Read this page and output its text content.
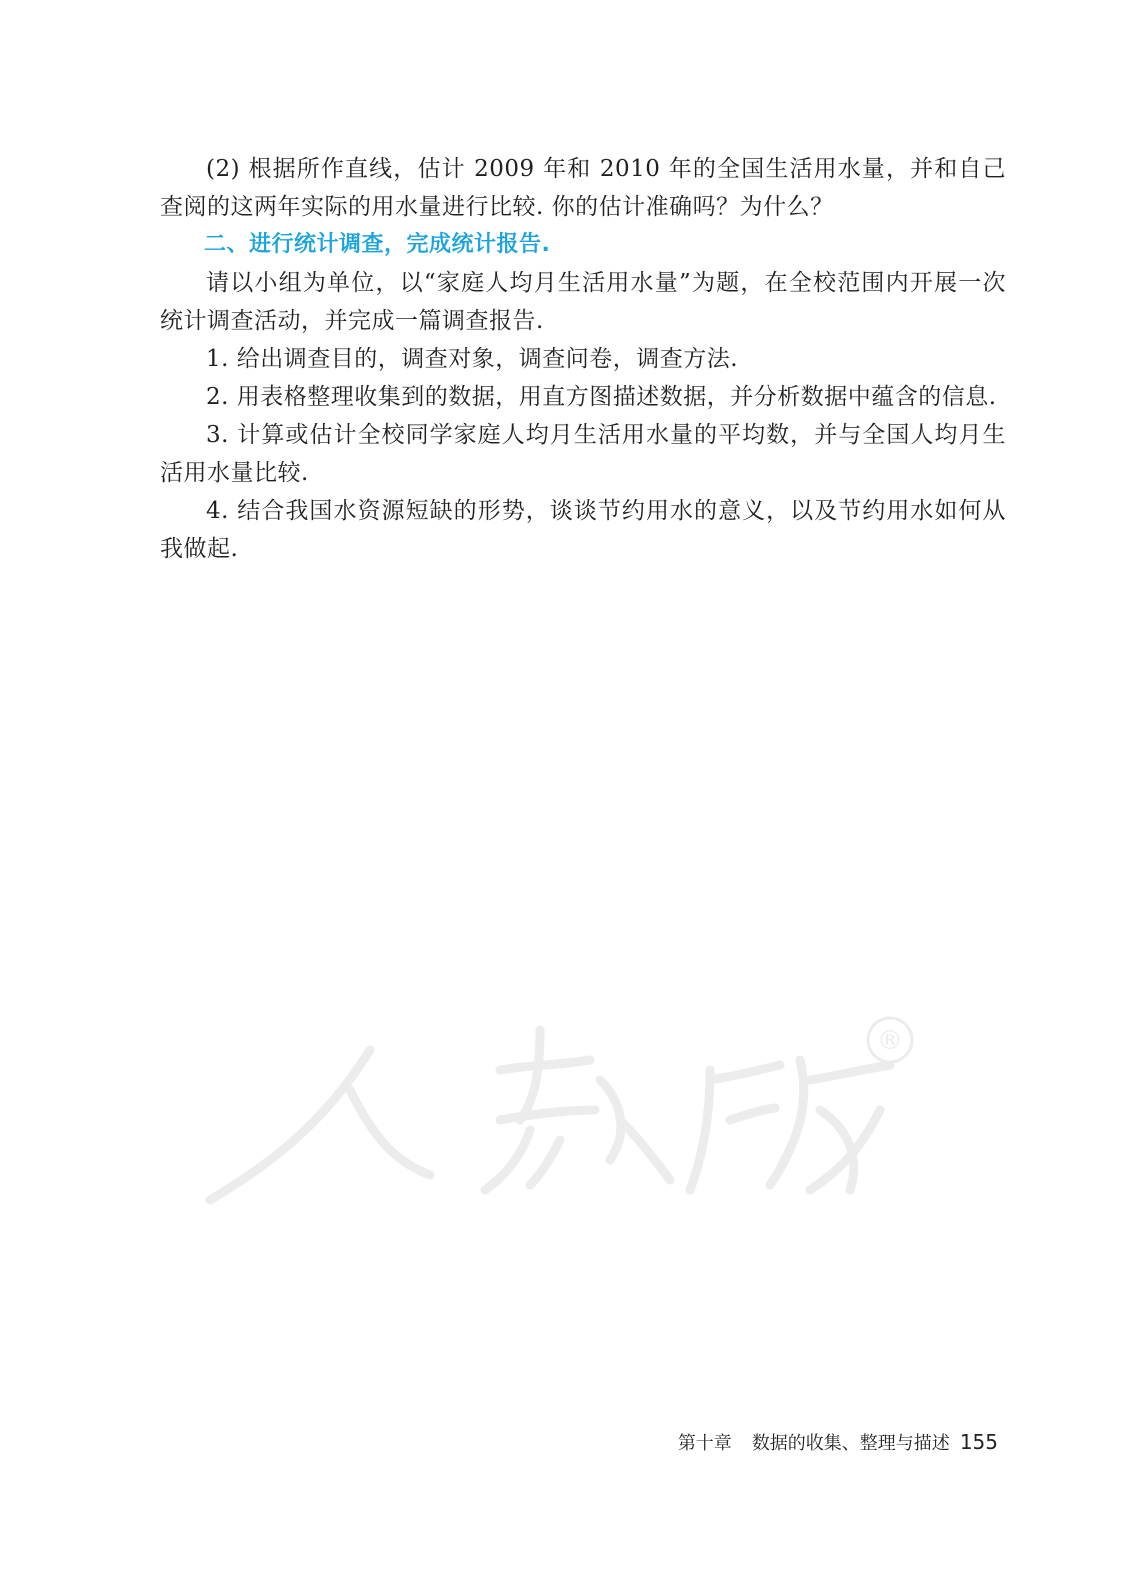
(2) 根据所作直线，估计 2009 年和 2010 年的全国生活用水量，并和自己查阅的这两年实际的用水量进行比较. 你的估计准确吗？为什么？

二、进行统计调查，完成统计报告.

请以小组为单位，以“家庭人均月生活用水量”为题，在全校范围内开展一次统计调查活动，并完成一篇调查报告.

1. 给出调查目的，调查对象，调查问卷，调查方法.

2. 用表格整理收集到的数据，用直方图描述数据，并分析数据中蕴含的信息.

3. 计算或估计全校同学家庭人均月生活用水量的平均数，并与全国人均月生活用水量比较.

4. 结合我国水资源短缺的形势，谈谈节约用水的意义，以及节约用水如何从我做起.

®
第十章 数据的收集、整理与描述 155
